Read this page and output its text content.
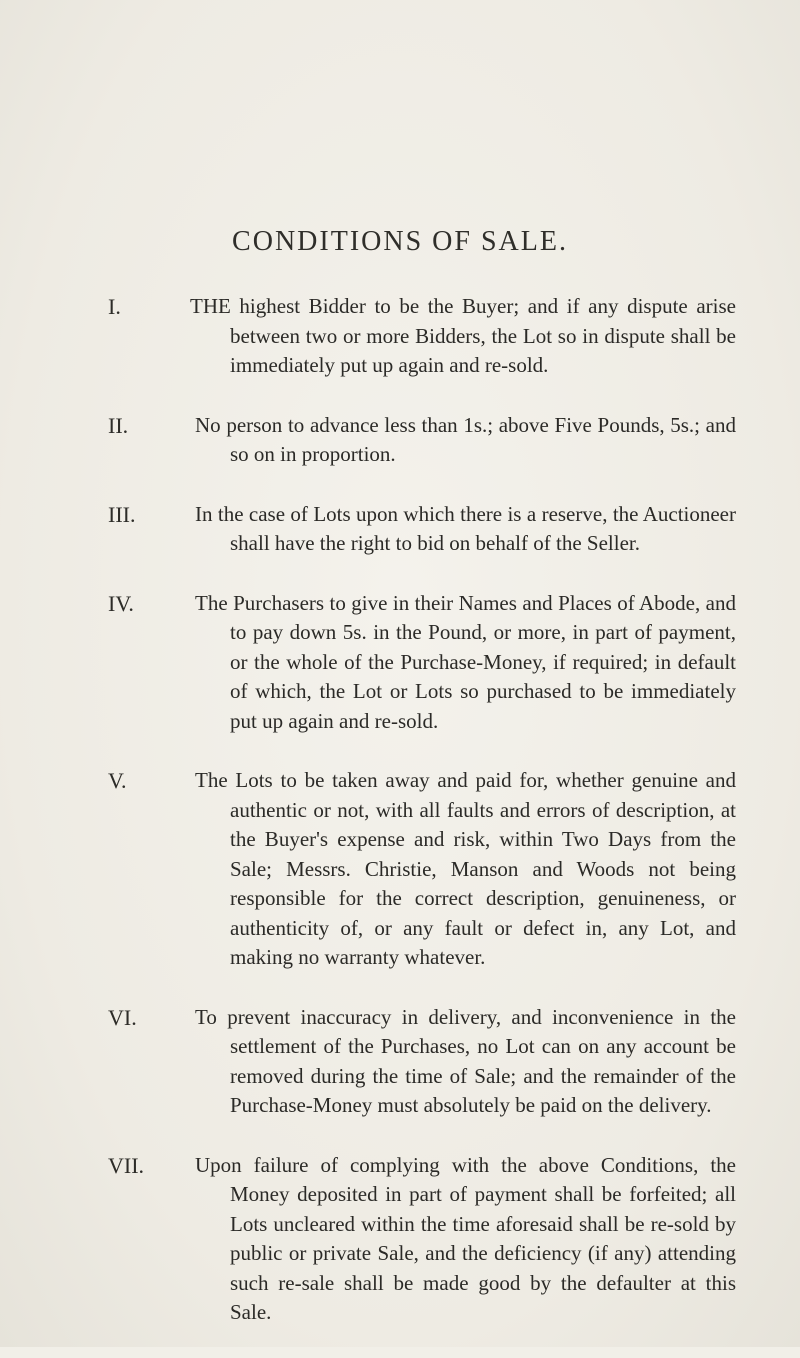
CONDITIONS OF SALE.
I.	THE highest Bidder to be the Buyer; and if any dispute arise between two or more Bidders, the Lot so in dispute shall be immediately put up again and re-sold.
II.	No person to advance less than 1s.; above Five Pounds, 5s.; and so on in proportion.
III.	In the case of Lots upon which there is a reserve, the Auctioneer shall have the right to bid on behalf of the Seller.
IV.	The Purchasers to give in their Names and Places of Abode, and to pay down 5s. in the Pound, or more, in part of payment, or the whole of the Purchase-Money, if required; in default of which, the Lot or Lots so purchased to be immediately put up again and re-sold.
V.	The Lots to be taken away and paid for, whether genuine and authentic or not, with all faults and errors of description, at the Buyer's expense and risk, within Two Days from the Sale; Messrs. Christie, Manson and Woods not being responsible for the correct description, genuineness, or authenticity of, or any fault or defect in, any Lot, and making no warranty whatever.
VI.	To prevent inaccuracy in delivery, and inconvenience in the settlement of the Purchases, no Lot can on any account be removed during the time of Sale; and the remainder of the Purchase-Money must absolutely be paid on the delivery.
VII. Upon failure of complying with the above Conditions, the Money deposited in part of payment shall be forfeited; all Lots uncleared within the time aforesaid shall be re-sold by public or private Sale, and the deficiency (if any) attending such re-sale shall be made good by the defaulter at this Sale.
